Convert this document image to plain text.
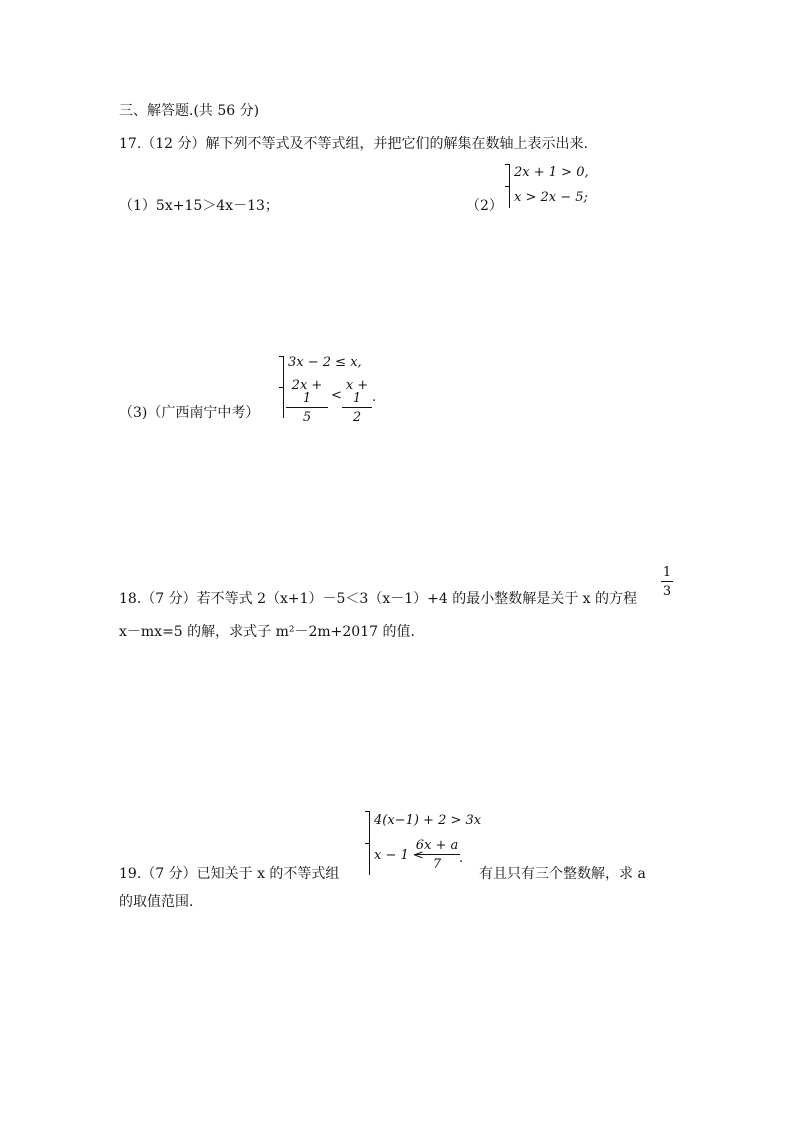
三、解答题.(共 56 分)
17.（12 分）解下列不等式及不等式组，并把它们的解集在数轴上表示出来.
（1）5x+15＞4x－13；	（2）
2x + 1 > 0,
x > 2x − 5;
（3)（广西南宁中考）
3x − 2 ≤ x,
$\frac{2x + 1}{5} < \frac{x + 1}{2}$ .
18.（7 分）若不等式 2（x+1）－5＜3（x－1）+4 的最小整数解是关于 x 的方程
$\frac{1}{3}$
x－mx=5 的解，求式子 m²－2m+2017 的值.
19.（7 分）已知关于 x 的不等式组
4(x−1) + 2 > 3x
x − 1 <
$\frac{6x + a}{7}$ .
有且只有三个整数解，求 a
的取值范围.
